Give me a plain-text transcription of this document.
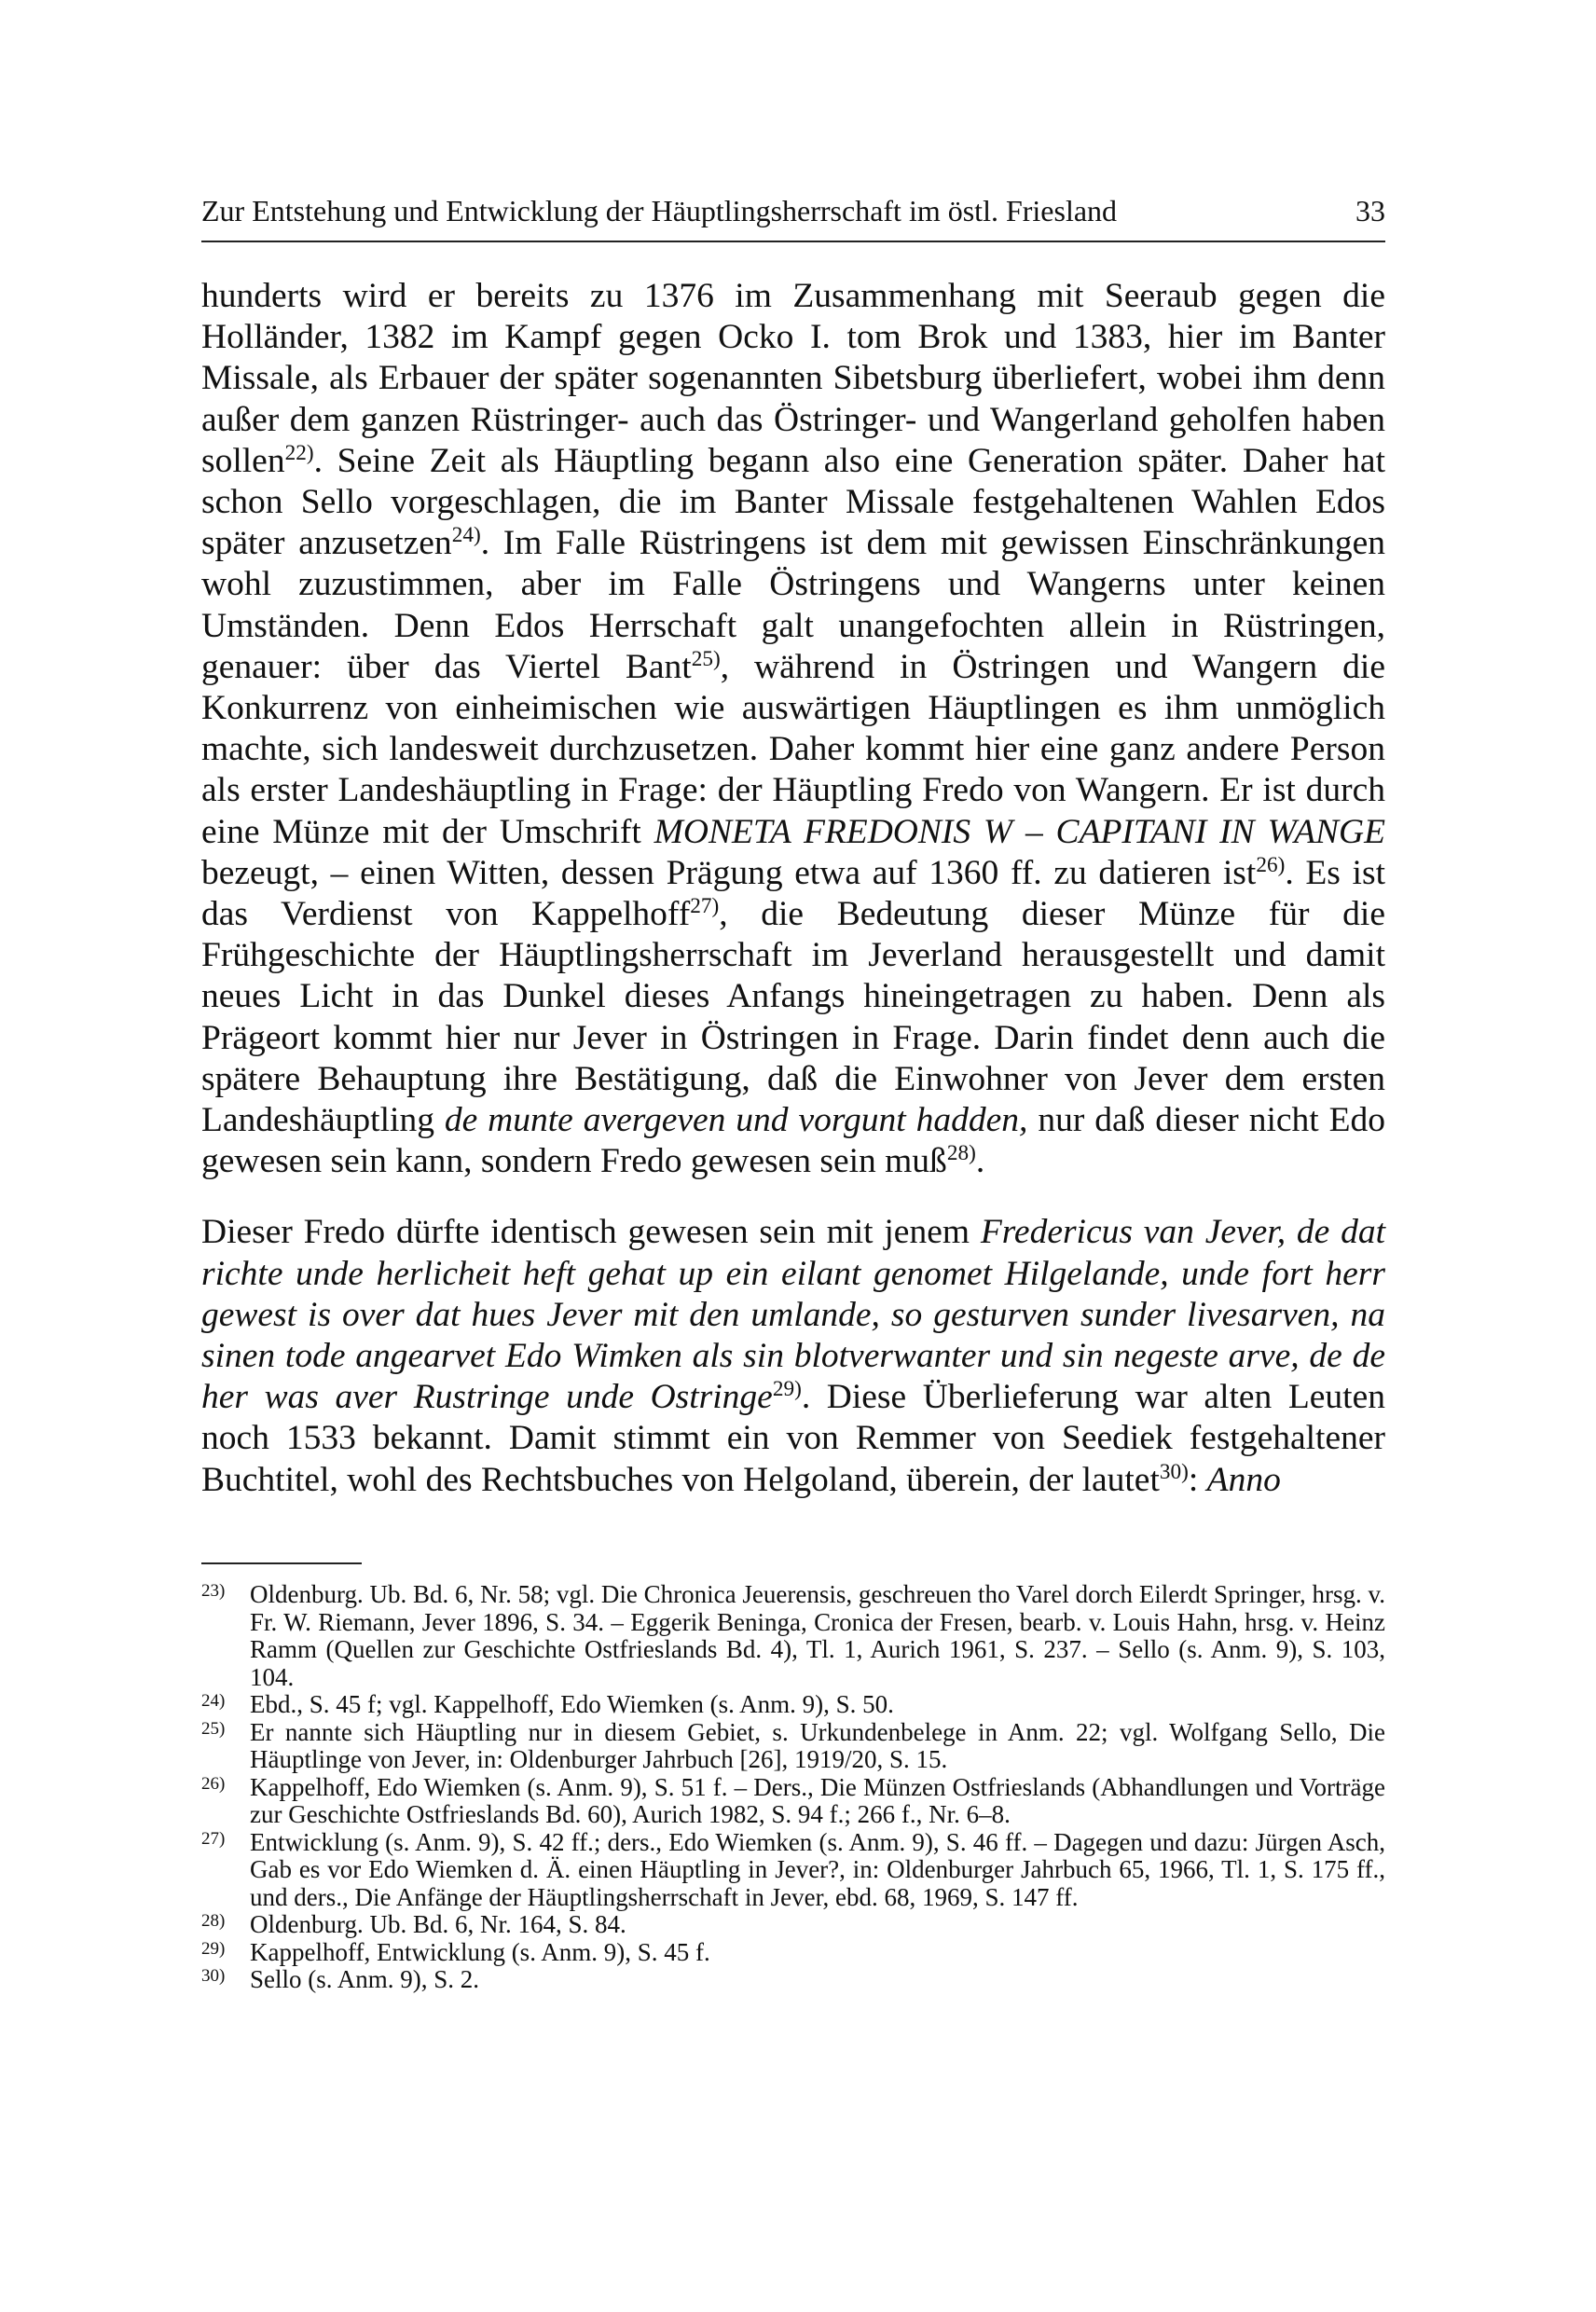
Zur Entstehung und Entwicklung der Häuptlingsherrschaft im östl. Friesland	33

hunderts wird er bereits zu 1376 im Zusammenhang mit Seeraub gegen die Holländer, 1382 im Kampf gegen Ocko I. tom Brok und 1383, hier im Banter Missale, als Erbauer der später sogenannten Sibetsburg überliefert, wobei ihm denn außer dem ganzen Rüstringer- auch das Östringer- und Wangerland geholfen haben sollen$^{22)}$. Seine Zeit als Häuptling begann also eine Generation später. Daher hat schon Sello vorgeschlagen, die im Banter Missale festgehaltenen Wahlen Edos später anzusetzen$^{24)}$. Im Falle Rüstringens ist dem mit gewissen Einschränkungen wohl zuzustimmen, aber im Falle Östringens und Wangerns unter keinen Umständen. Denn Edos Herrschaft galt unangefochten allein in Rüstringen, genauer: über das Viertel Bant$^{25)}$, während in Östringen und Wangern die Konkurrenz von einheimischen wie auswärtigen Häuptlingen es ihm unmöglich machte, sich landesweit durchzusetzen. Daher kommt hier eine ganz andere Person als erster Landeshäuptling in Frage: der Häuptling Fredo von Wangern. Er ist durch eine Münze mit der Umschrift MONETA FREDONIS W – CAPITANI IN WANGE bezeugt, – einen Witten, dessen Prägung etwa auf 1360 ff. zu datieren ist$^{26)}$. Es ist das Verdienst von Kappelhoff$^{27)}$, die Bedeutung dieser Münze für die Frühgeschichte der Häuptlingsherrschaft im Jeverland herausgestellt und damit neues Licht in das Dunkel dieses Anfangs hineingetragen zu haben. Denn als Prägeort kommt hier nur Jever in Östringen in Frage. Darin findet denn auch die spätere Behauptung ihre Bestätigung, daß die Einwohner von Jever dem ersten Landeshäuptling de munte avergeven und vorgunt hadden, nur daß dieser nicht Edo gewesen sein kann, sondern Fredo gewesen sein muß$^{28)}$.

Dieser Fredo dürfte identisch gewesen sein mit jenem Fredericus van Jever, de dat richte unde herlicheit heft gehat up ein eilant genomet Hilgelande, unde fort herr gewest is over dat hues Jever mit den umlande, so gesturven sunder livesarven, na sinen tode angearvet Edo Wimken als sin blotverwanter und sin negeste arve, de de her was aver Rustringe unde Ostringe$^{29)}$. Diese Überlieferung war alten Leuten noch 1533 bekannt. Damit stimmt ein von Remmer von Seediek festgehaltener Buchtitel, wohl des Rechtsbuches von Helgoland, überein, der lautet$^{30)}$: Anno

23) Oldenburg. Ub. Bd. 6, Nr. 58; vgl. Die Chronica Jeuerensis, geschreuen tho Varel dorch Eilerdt Springer, hrsg. v. Fr. W. Riemann, Jever 1896, S. 34. – Eggerik Beninga, Cronica der Fresen, bearb. v. Louis Hahn, hrsg. v. Heinz Ramm (Quellen zur Geschichte Ostfrieslands Bd. 4), Tl. 1, Aurich 1961, S. 237. – Sello (s. Anm. 9), S. 103, 104.

24) Ebd., S. 45 f; vgl. Kappelhoff, Edo Wiemken (s. Anm. 9), S. 50.

25) Er nannte sich Häuptling nur in diesem Gebiet, s. Urkundenbelege in Anm. 22; vgl. Wolfgang Sello, Die Häuptlinge von Jever, in: Oldenburger Jahrbuch [26], 1919/20, S. 15.

26) Kappelhoff, Edo Wiemken (s. Anm. 9), S. 51 f. – Ders., Die Münzen Ostfrieslands (Abhandlungen und Vorträge zur Geschichte Ostfrieslands Bd. 60), Aurich 1982, S. 94 f.; 266 f., Nr. 6–8.

27) Entwicklung (s. Anm. 9), S. 42 ff.; ders., Edo Wiemken (s. Anm. 9), S. 46 ff. – Dagegen und dazu: Jürgen Asch, Gab es vor Edo Wiemken d. Ä. einen Häuptling in Jever?, in: Oldenburger Jahrbuch 65, 1966, Tl. 1, S. 175 ff., und ders., Die Anfänge der Häuptlingsherrschaft in Jever, ebd. 68, 1969, S. 147 ff.

28) Oldenburg. Ub. Bd. 6, Nr. 164, S. 84.

29) Kappelhoff, Entwicklung (s. Anm. 9), S. 45 f.

30) Sello (s. Anm. 9), S. 2.
